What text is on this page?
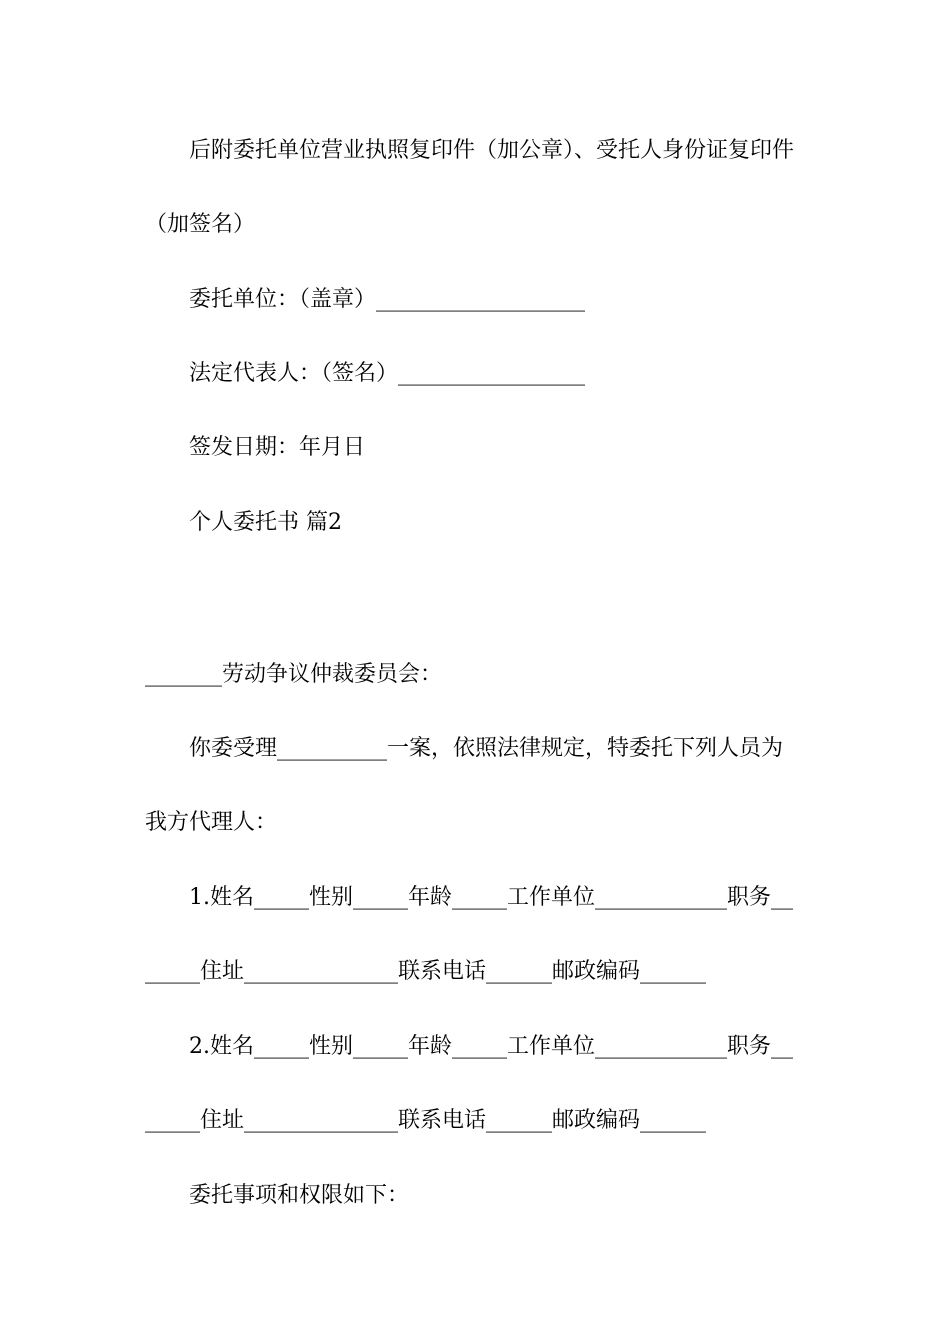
后附委托单位营业执照复印件（加公章）、受托人身份证复印件

（加签名）

委托单位：（盖章）___________________

法定代表人：（签名）_________________

签发日期：年月日

个人委托书 篇2

_______劳动争议仲裁委员会：

你委受理__________一案，依照法律规定，特委托下列人员为

我方代理人：

1.姓名_____性别_____年龄_____工作单位____________职务__

_____住址______________联系电话______邮政编码______

2.姓名_____性别_____年龄_____工作单位____________职务__

_____住址______________联系电话______邮政编码______

委托事项和权限如下：
